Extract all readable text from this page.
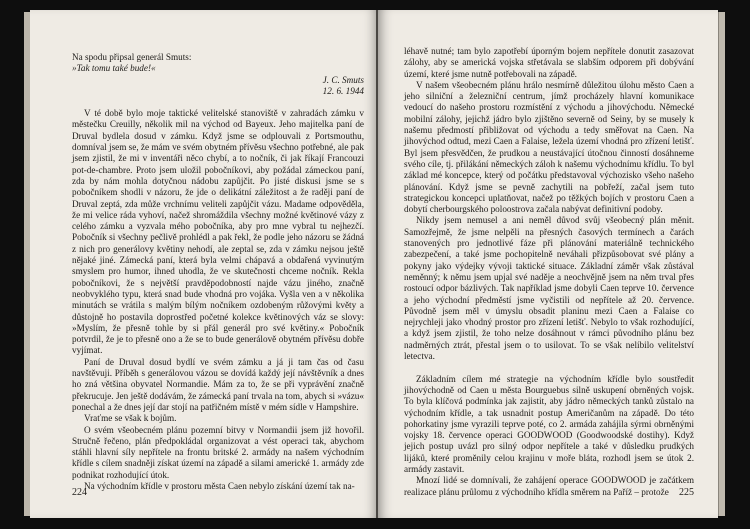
Na spodu připsal generál Smuts:

»Tak tomu také bude!«

J. C. Smuts

12. 6. 1944

V té době bylo moje taktické velitelské stanoviště v zahradách zámku v městečku Creuilly, několik mil na východ od Bayeux. Jeho majitelka paní de Druval bydlela dosud v zámku. Když jsme se odplouvali z Portsmouthu, domníval jsem se, že mám ve svém obytném přívěsu všechno potřebné, ale pak jsem zjistil, že mi v inventáři něco chybí, a to nočník, či jak říkají Francouzi pot-de-chambre. Proto jsem uložil pobočníkovi, aby požádal zámeckou paní, zda by nám mohla dotyčnou nádobu zapůjčit. Po jisté diskusi jsme se s pobočníkem shodli v názoru, že jde o delikátní záležitost a že raději paní de Druval zeptá, zda může vrchnímu veliteli zapůjčit vázu. Madame odpověděla, že mi velice ráda vyhoví, načež shromáždila všechny možné květinové vázy z celého zámku a vyzvala mého pobočníka, aby pro mne vybral tu nejhezčí. Pobočník si všechny pečlivě prohlédl a pak řekl, že podle jeho názoru se žádná z nich pro generálovy květiny nehodí, ale zeptal se, zda v zámku nejsou ještě nějaké jiné. Zámecká paní, která byla velmi chápavá a obdařená vyvinutým smyslem pro humor, ihned uhodla, že ve skutečnosti chceme nočník. Rekla pobočníkovi, že s největší pravděpodobností najde vázu jiného, značně neobvyklého typu, která snad bude vhodná pro vojáka. Vyšla ven a v několika minutách se vrátila s malým bílým nočníkem ozdobeným růžovými květy a důstojně ho postavila doprostřed početné kolekce květinových váz se slovy: »Myslím, že přesně tohle by si přál generál pro své květiny.« Pobočník potvrdil, že je to přesně ono a že se to bude generálově obytném přívěsu dobře vyjímat.

Paní de Druval dosud bydlí ve svém zámku a já ji tam čas od času navštěvuji. Příběh s generálovou vázou se dovídá každý její návštěvník a dnes ho zná většina obyvatel Normandie. Mám za to, že se při vyprávění značně překrucuje. Jen ještě dodávám, že zámecká paní trvala na tom, abych si »vázu« ponechal a že dnes její dar stojí na patřičném místě v mém sídle v Hampshire.

Vraťme se však k bojům.

O svém všeobecném plánu pozemní bitvy v Normandii jsem již hovořil. Stručně řečeno, plán předpokládal organizovat a vést operaci tak, abychom stáhli hlavní síly nepřítele na frontu britské 2. armády na našem východním křídle s cílem snadněji získat území na západě a silami americké 1. armády zde podnikat rozhodující útok.

Na východním křídle v prostoru města Caen nebylo získání území tak na-

224

léhavě nutné; tam bylo zapotřebí úporným bojem nepřítele donutit zasazovat zálohy, aby se americká vojska střetávala se slabším odporem při dobývání území, které jsme nutně potřebovali na západě.

V našem všeobecném plánu hrálo nesmírně důležitou úlohu město Caen a jeho silniční a železniční centrum, jímž procházely hlavní komunikace vedoucí do našeho prostoru rozmístění z východu a jihovýchodu. Německé mobilní zálohy, jejichž jádro bylo zjištěno severně od Seiny, by se musely k našemu předmostí přibližovat od východu a tedy směřovat na Caen. Na jihovýchod odtud, mezi Caen a Falaise, ležela území vhodná pro zřízení letišť. Byl jsem přesvědčen, že prudkou a neustávající útočnou činností dosáhneme svého cíle, tj. přilákání německých záloh k našemu východnímu křídlu. To byl základ mé koncepce, který od počátku představoval výchozisko všeho našeho plánování. Když jsme se pevně zachytili na pobřeží, začal jsem tuto strategickou koncepci uplatňovat, načež po těžkých bojích v prostoru Caen a dobytí cherbourgského poloostrova začala nabývat definitivní podoby.

Nikdy jsem nemusel a ani neměl důvod svůj všeobecný plán měnit. Samozřejmě, že jsme nelpěli na přesných časových termínech a čarách stanovených pro jednotlivé fáze při plánování materiálně technického zabezpečení, a také jsme pochopitelně neváhali přizpůsobovat své plány a pokyny jako výdejky vývoji taktické situace. Základní záměr však zůstával neměnný; k němu jsem upjal své naděje a neochvějně jsem na něm trval přes rostoucí odpor bázlivých. Tak například jsme dobyli Caen teprve 10. července a jeho východní předměstí jsme vyčistili od nepřítele až 20. července. Původně jsem měl v úmyslu obsadit planinu mezi Caen a Falaise co nejrychleji jako vhodný prostor pro zřízení letišť. Nebylo to však rozhodující, a když jsem zjistil, že toho nelze dosáhnout v rámci původního plánu bez nadměrných ztrát, přestal jsem o to usilovat. To se však nelíbilo velitelství letectva.

Základním cílem mé strategie na východním křídle bylo soustředit jihovýchodně od Caen u města Bourguebus silně uskupení obrněných vojsk. To byla klíčová podmínka jak zajistit, aby jádro německých tanků zůstalo na východním křídle, a tak usnadnit postup Američanům na západě. Do této pohorkatiny jsme vyrazili teprve poté, co 2. armáda zahájila sýrmi obrněnými vojsky 18. července operaci GOODWOOD (Goodwoodské dostihy). Když jejich postup uvázl pro silný odpor nepřítele a také v důsledku prudkých lijáků, které proměnily celou krajinu v moře bláta, rozhodl jsem se útok 2. armády zastavit.

Mnozí lidé se domnívali, že zahájení operace GOODWOOD je začátkem realizace plánu průlomu z východního křídla směrem na Paříž – protože	225
